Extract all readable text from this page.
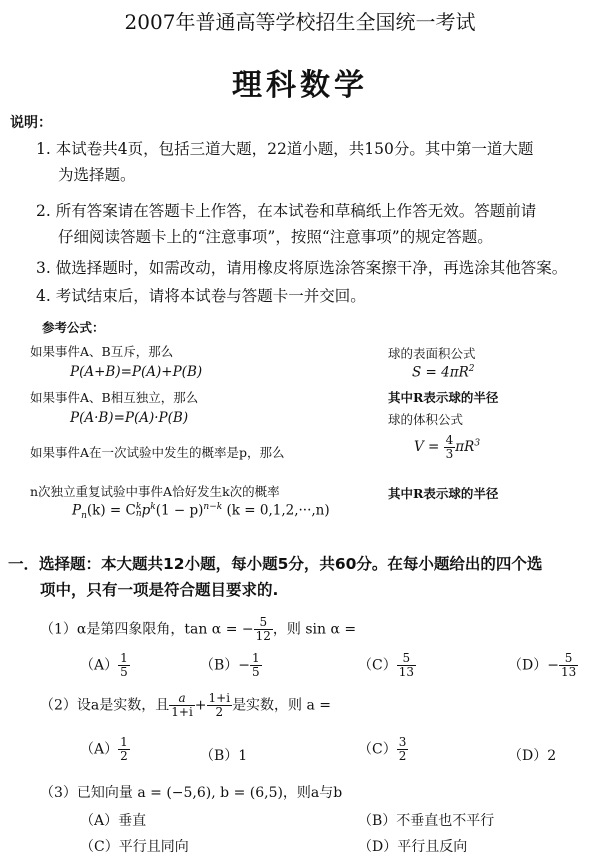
2007年普通高等学校招生全国统一考试
理科数学
说明：
1. 本试卷共4页，包括三道大题，22道小题，共150分。其中第一道大题
为选择题。
2. 所有答案请在答题卡上作答，在本试卷和草稿纸上作答无效。答题前请
仔细阅读答题卡上的“注意事项”，按照“注意事项”的规定答题。
3. 做选择题时，如需改动，请用橡皮将原选涂答案擦干净，再选涂其他答案。
4. 考试结束后，请将本试卷与答题卡一并交回。
参考公式：
如果事件A、B互斥，那么
P(A+B)=P(A)+P(B)
如果事件A、B相互独立，那么
P(A·B)=P(A)·P(B)
如果事件A在一次试验中发生的概率是p，那么
n次独立重复试验中事件A恰好发生k次的概率
$P_n(k) = C$ k
n $p^k(1 - p)^{n-k}$ (k = 0,1,2,···,n)
球的表面积公式
$S = 4\pi R^2$
其中R表示球的半径
球的体积公式
$V = \frac{4}{3} \pi R^3$
其中R表示球的半径
一．选择题：本大题共12小题，每小题5分，共60分。在每小题给出的四个选
项中，只有一项是符合题目要求的.
（1）α是第四象限角，tan α = − $\frac{5}{12}$ ，则 sin α =
$(A) \frac{1}{5}$	$(B)- \frac{1}{5}$	$(C) \frac{5}{13}$	$(D)- \frac{5}{13}$
（2）设a是实数，且 $\frac{a}{1+i} + \frac{1+i}{2}$ 是实数，则 a =
$(A) \frac{1}{2}$	（B）1	$(C) \frac{3}{2}$	（D）2
（3）已知向量 a = (−5,6), b = (6,5)，则a与b
（A）垂直	（B）不垂直也不平行
（C）平行且同向	（D）平行且反向
